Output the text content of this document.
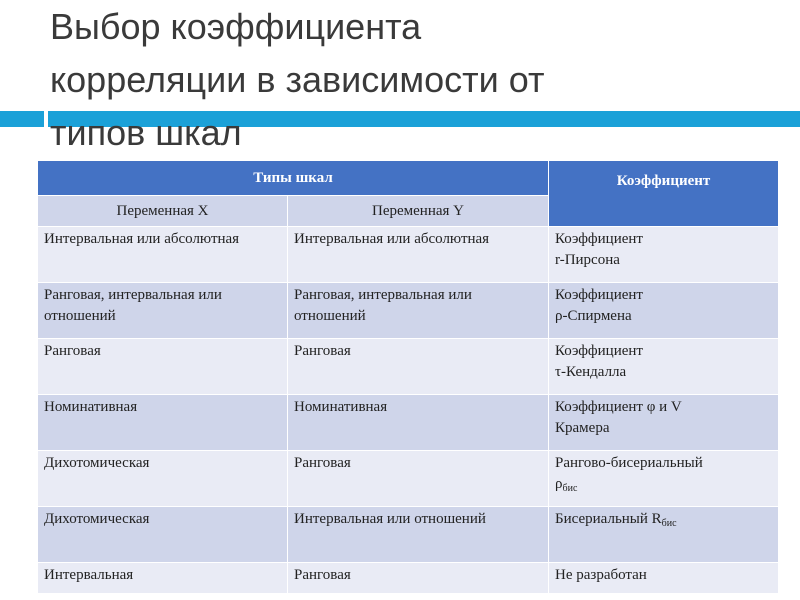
Выбор коэффициента
корреляции в зависимости от
типов шкал
Типы шкал		Коэффициент
Переменная X	Переменная Y	
Интервальная или абсолютная	Интервальная или абсолютная	Коэффициент
r-Пирсона
Ранговая, интервальная или отношений	Ранговая, интервальная или отношений	Коэффициент
ρ-Спирмена
Ранговая	Ранговая	Коэффициент
τ-Кендалла
Номинативная	Номинативная	Коэффициент φ и V
Крамера
Дихотомическая	Ранговая	Рангово-бисериальный
$\rho_{бис}$
Дихотомическая	Интервальная или отношений	Бисериальный $R_{бис}$
Интервальная	Ранговая	Не разработан
